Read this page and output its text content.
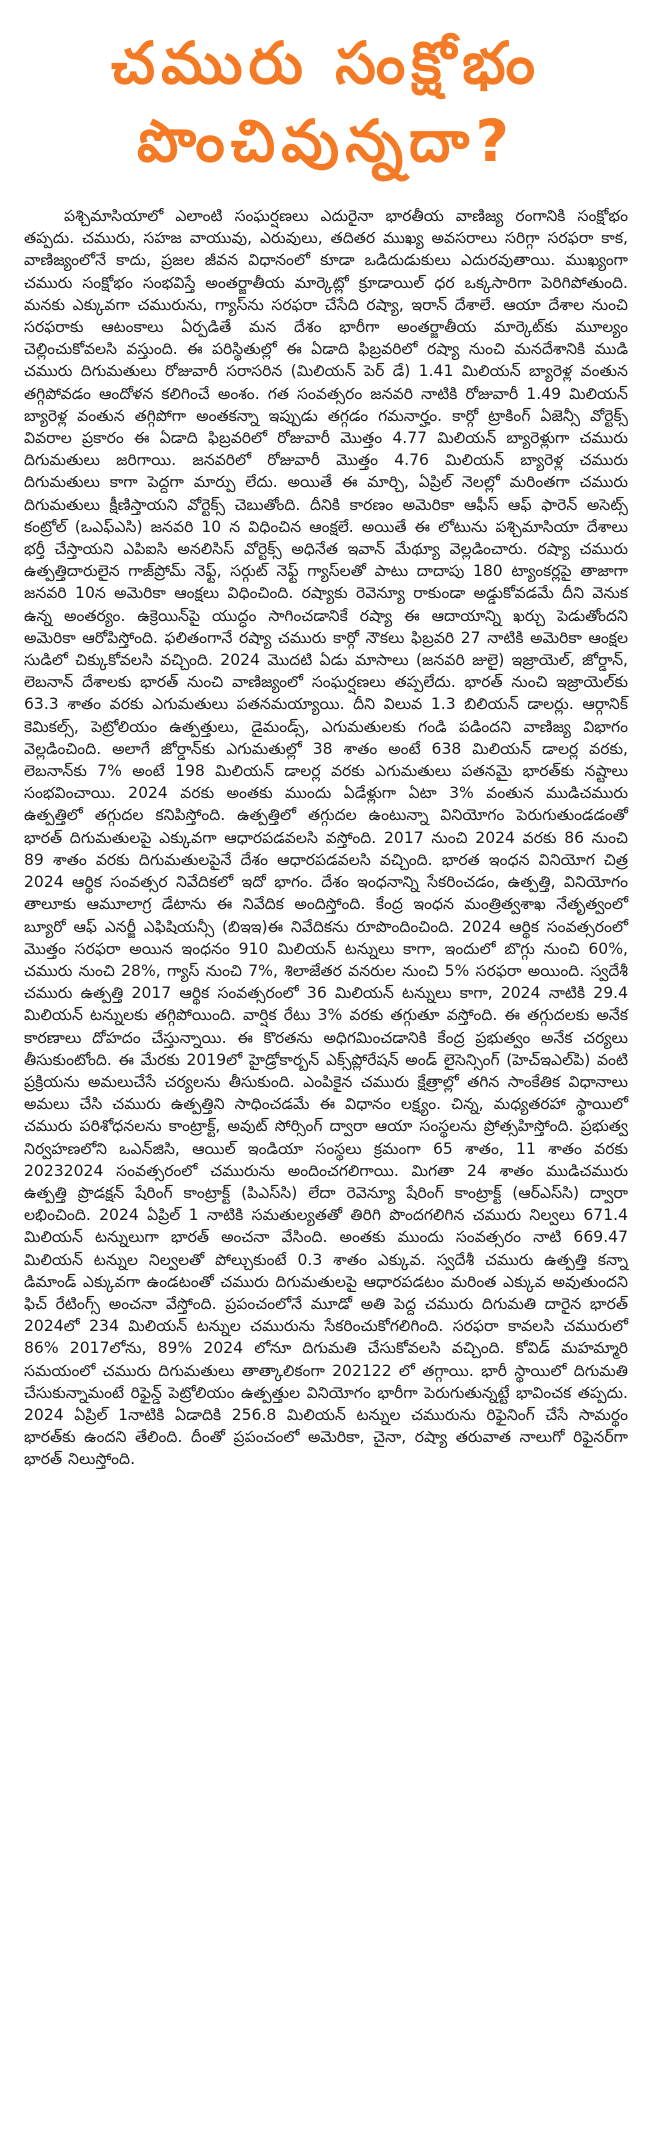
చమురు సంక్షోభం
పొంచివున్నదా?

పశ్చిమాసియాలో ఎలాంటి సంఘర్షణలు ఎదురైనా భారతీయ వాణిజ్య రంగానికి సంక్షోభం తప్పదు. చమురు, సహజ వాయువు, ఎరువులు, తదితర ముఖ్య అవసరాలు సరిగ్గా సరఫరా కాక, వాణిజ్యంలోనే కాదు, ప్రజల జీవన విధానంలో కూడా ఒడిదుడుకులు ఎదురవుతాయి. ముఖ్యంగా చమురు సంక్షోభం సంభవిస్తే అంతర్జాతీయ మార్కెట్లో క్రూడాయిల్ ధర ఒక్కసారిగా పెరిగిపోతుంది. మనకు ఎక్కువగా చమురును, గ్యాస్‌ను సరఫరా చేసేది రష్యా, ఇరాన్ దేశాలే. ఆయా దేశాల నుంచి సరఫరాకు ఆటంకాలు ఏర్పడితే మన దేశం భారీగా అంతర్జాతీయ మార్కెట్‌కు మూల్యం చెల్లించుకోవలసి వస్తుంది. ఈ పరిస్థితుల్లో ఈ ఏడాది ఫిబ్రవరిలో రష్యా నుంచి మనదేశానికి ముడి చమురు దిగుమతులు రోజువారీ సరాసరిన (మిలియన్ పెర్ డే) 1.41 మిలియన్ బ్యారెళ్ల వంతున తగ్గిపోవడం ఆందోళన కలిగించే అంశం. గత సంవత్సరం జనవరి నాటికి రోజువారీ 1.49 మిలియన్ బ్యారెళ్ల వంతున తగ్గిపోగా అంతకన్నా ఇప్పుడు తగ్గడం గమనార్హం. కార్గో ట్రాకింగ్ ఏజెన్సీ వోర్టెక్స్ వివరాల ప్రకారం ఈ ఏడాది ఫిబ్రవరిలో రోజువారీ మొత్తం 4.77 మిలియన్ బ్యారెళ్లుగా చమురు దిగుమతులు జరిగాయి. జనవరిలో రోజువారీ మొత్తం 4.76 మిలియన్ బ్యారెళ్ల చమురు దిగుమతులు కాగా పెద్దగా మార్పు లేదు. అయితే ఈ మార్చి, ఏప్రిల్ నెలల్లో మరింతగా చమురు దిగుమతులు క్షీణిస్తాయని వోర్టెక్స్ చెబుతోంది. దీనికి కారణం అమెరికా ఆఫీస్ ఆఫ్ ఫారెన్ అసెట్స్ కంట్రోల్ (ఒఎఫ్ఎసి) జనవరి 10 న విధించిన ఆంక్షలే. అయితే ఈ లోటును పశ్చిమాసియా దేశాలు భర్తీ చేస్తాయని ఎపిఐసి అనలిసిస్ వోర్టెక్స్ అధినేత ఇవాన్ మేథ్యూ వెల్లడించారు. రష్యా చమురు ఉత్పత్తిదారులైన గాజ్‌ప్రోమ్ నెఫ్ట్, సర్గుట్ నెఫ్ట్ గ్యాస్‌లతో పాటు దాదాపు 180 ట్యాంకర్లపై తాజాగా జనవరి 10న అమెరికా ఆంక్షలు విధించింది. రష్యాకు రెవెన్యూ రాకుండా అడ్డుకోవడమే దీని వెనుక ఉన్న అంతర్యం. ఉక్రెయిన్‌పై యుద్ధం సాగించడానికే రష్యా ఈ ఆదాయాన్ని ఖర్చు పెడుతోందని అమెరికా ఆరోపిస్తోంది. ఫలితంగానే రష్యా చమురు కార్గో నౌకలు ఫిబ్రవరి 27 నాటికి అమెరికా ఆంక్షల సుడిలో చిక్కుకోవలసి వచ్చింది. 2024 మొదటి ఏడు మాసాలు (జనవరి జులై) ఇజ్రాయెల్, జోర్డాన్, లెబనాన్ దేశాలకు భారత్ నుంచి వాణిజ్యంలో సంఘర్షణలు తప్పలేదు. భారత్ నుంచి ఇజ్రాయెల్‌కు 63.3 శాతం వరకు ఎగుమతులు పతనమయ్యాయి. దీని విలువ 1.3 బిలియన్ డాలర్లు. ఆర్గానిక్ కెమికల్స్, పెట్రోలియం ఉత్పత్తులు, డైమండ్స్, ఎగుమతులకు గండి పడిందని వాణిజ్య విభాగం వెల్లడించింది. అలాగే జోర్డాన్‌కు ఎగుమతుల్లో 38 శాతం అంటే 638 మిలియన్ డాలర్ల వరకు, లెబనాన్‌కు 7% అంటే 198 మిలియన్ డాలర్ల వరకు ఎగుమతులు పతనమై భారత్‌కు నష్టాలు సంభవించాయి. 2024 వరకు అంతకు ముందు ఏడేళ్లుగా ఏటా 3% వంతున ముడిచమురు ఉత్పత్తిలో తగ్గుదల కనిపిస్తోంది. ఉత్పత్తిలో తగ్గుదల ఉంటున్నా వినియోగం పెరుగుతుండడంతో భారత్ దిగుమతులపై ఎక్కువగా ఆధారపడవలసి వస్తోంది. 2017 నుంచి 2024 వరకు 86 నుంచి 89 శాతం వరకు దిగుమతులపైనే దేశం ఆధారపడవలసి వచ్చింది. భారత ఇంధన వినియోగ చిత్ర 2024 ఆర్థిక సంవత్సర నివేదికలో ఇదో భాగం. దేశం ఇంధనాన్ని సేకరించడం, ఉత్పత్తి, వినియోగం తాలూకు ఆమూలాగ్ర డేటాను ఈ నివేదిక అందిస్తోంది. కేంద్ర ఇంధన మంత్రిత్వశాఖ నేతృత్వంలో బ్యూరో ఆఫ్ ఎనర్జీ ఎఫిషియన్సీ (బిఇఇ)ఈ నివేదికను రూపొందించింది. 2024 ఆర్థిక సంవత్సరంలో మొత్తం సరఫరా అయిన ఇంధనం 910 మిలియన్ టన్నులు కాగా, ఇందులో బొగ్గు నుంచి 60%, చమురు నుంచి 28%, గ్యాస్ నుంచి 7%, శిలాజేతర వనరుల నుంచి 5% సరఫరా అయింది. స్వదేశీ చమురు ఉత్పత్తి 2017 ఆర్థిక సంవత్సరంలో 36 మిలియన్ టన్నులు కాగా, 2024 నాటికి 29.4 మిలియన్ టన్నులకు తగ్గిపోయింది. వార్షిక రేటు 3% వరకు తగ్గుతూ వస్తోంది. ఈ తగ్గుదలకు అనేక కారణాలు దోహదం చేస్తున్నాయి. ఈ కొరతను అధిగమించడానికి కేంద్ర ప్రభుత్వం అనేక చర్యలు తీసుకుంటోంది. ఈ మేరకు 2019లో హైడ్రోకార్బన్ ఎక్స్‌ప్లోరేషన్ అండ్ లైసెన్సింగ్ (హెచ్‌ఇఎల్‌పి) వంటి ప్రక్రియను అమలుచేసే చర్యలను తీసుకుంది. ఎంపికైన చమురు క్షేత్రాల్లో తగిన సాంకేతిక విధానాలు అమలు చేసి చమురు ఉత్పత్తిని సాధించడమే ఈ విధానం లక్ష్యం. చిన్న, మధ్యతరహా స్థాయిలో చమురు పరిశోధనలను కాంట్రాక్ట్, అవుట్ సోర్సింగ్ ద్వారా ఆయా సంస్థలను ప్రోత్సహిస్తోంది. ప్రభుత్వ నిర్వహణలోని ఒఎన్‌జిసి, ఆయిల్ ఇండియా సంస్థలు క్రమంగా 65 శాతం, 11 శాతం వరకు 20232024 సంవత్సరంలో చమురును అందించగలిగాయి. మిగతా 24 శాతం ముడిచమురు ఉత్పత్తి ప్రొడక్షన్ షేరింగ్ కాంట్రాక్ట్ (పిఎస్‌సి) లేదా రెవెన్యూ షేరింగ్ కాంట్రాక్ట్ (ఆర్‌ఎస్‌సి) ద్వారా లభించింది. 2024 ఏప్రిల్ 1 నాటికి సమతుల్యతతో తిరిగి పొందగలిగిన చమురు నిల్వలు 671.4 మిలియన్ టన్నులుగా భారత్ అంచనా వేసింది. అంతకు ముందు సంవత్సరం నాటి 669.47 మిలియన్ టన్నుల నిల్వలతో పోల్చుకుంటే 0.3 శాతం ఎక్కువ. స్వదేశీ చమురు ఉత్పత్తి కన్నా డిమాండ్ ఎక్కువగా ఉండటంతో చమురు దిగుమతులపై ఆధారపడటం మరింత ఎక్కువ అవుతుందని ఫిచ్ రేటింగ్స్ అంచనా వేస్తోంది. ప్రపంచంలోనే మూడో అతి పెద్ద చమురు దిగుమతి దారైన భారత్ 2024లో 234 మిలియన్ టన్నుల చమురును సేకరించుకోగలిగింది. సరఫరా కావలసి చమురులో 86% 2017లోను, 89% 2024 లోనూ దిగుమతి చేసుకోవలసి వచ్చింది. కోవిడ్ మహమ్మారి సమయంలో చమురు దిగుమతులు తాత్కాలికంగా 202122 లో తగ్గాయి. భారీ స్థాయిలో దిగుమతి చేసుకున్నామంటే రిఫైన్డ్ పెట్రోలియం ఉత్పత్తుల వినియోగం భారీగా పెరుగుతున్నట్టే భావించక తప్పదు. 2024 ఏప్రిల్ 1నాటికి ఏడాదికి 256.8 మిలియన్ టన్నుల చమురును రిఫైనింగ్ చేసే సామర్థం భారత్‌కు ఉందని తేలింది. దీంతో ప్రపంచంలో అమెరికా, చైనా, రష్యా తరువాత నాలుగో రిఫైనర్‌గా భారత్ నిలుస్తోంది.
